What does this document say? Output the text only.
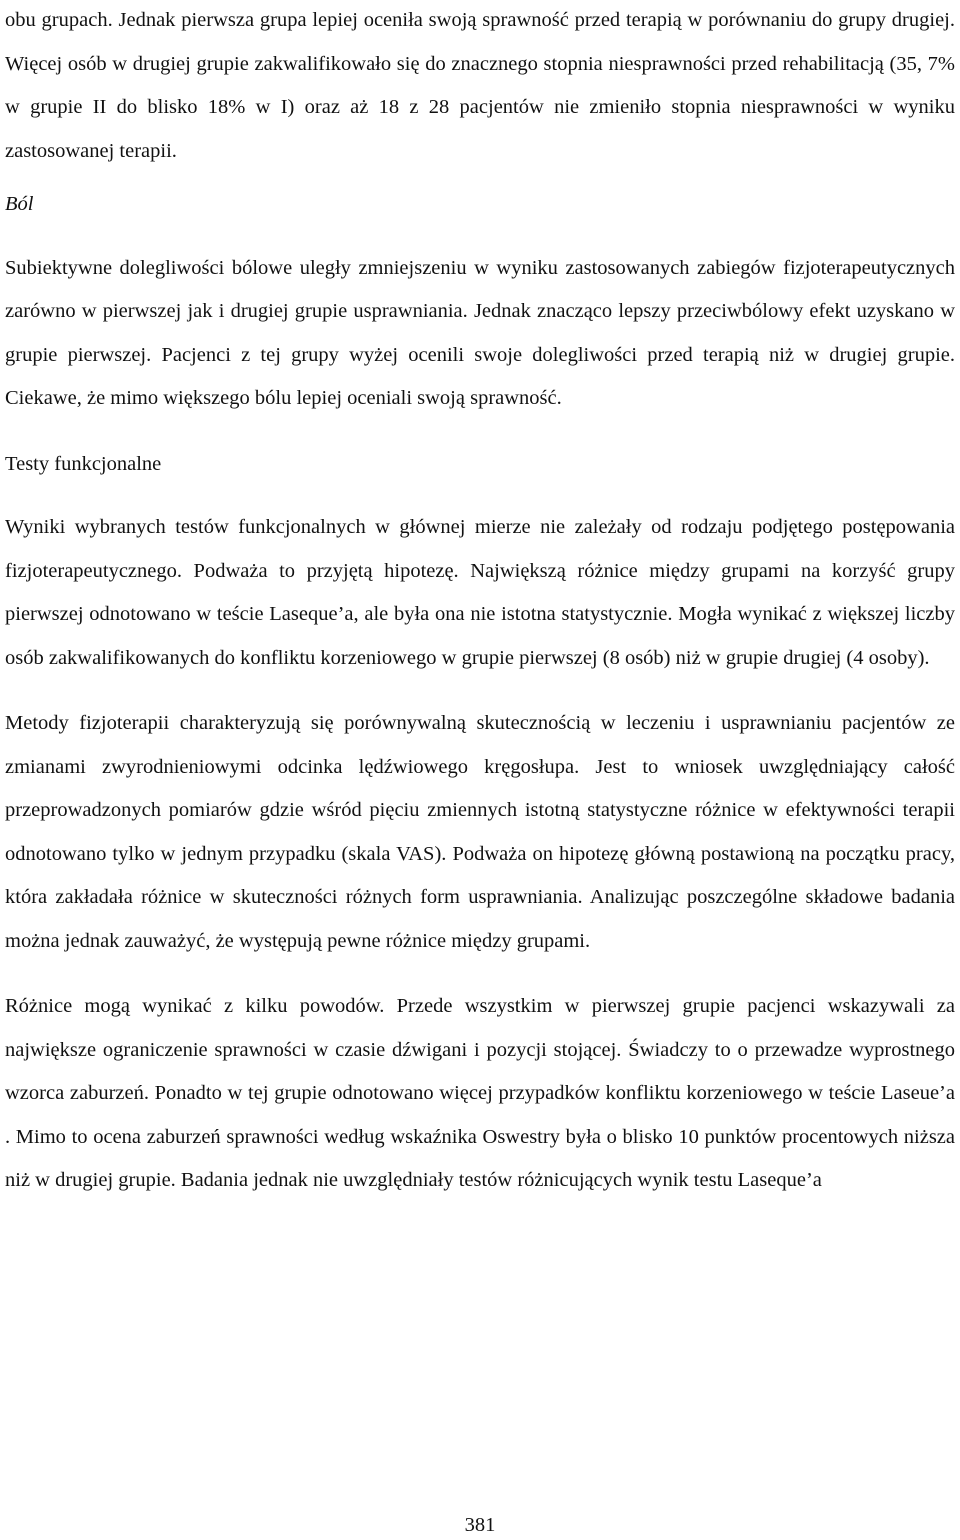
obu grupach. Jednak pierwsza grupa lepiej oceniła swoją sprawność przed terapią w porównaniu do grupy drugiej. Więcej osób w drugiej grupie zakwalifikowało się do znacznego stopnia niesprawności przed rehabilitacją (35, 7% w grupie II do blisko 18% w I) oraz aż 18 z 28 pacjentów nie zmieniło stopnia niesprawności w wyniku zastosowanej terapii.

Ból

Subiektywne dolegliwości bólowe uległy zmniejszeniu w wyniku zastosowanych zabiegów fizjoterapeutycznych zarówno w pierwszej jak i drugiej grupie usprawniania. Jednak znacząco lepszy przeciwbólowy efekt uzyskano w grupie pierwszej. Pacjenci z tej grupy wyżej ocenili swoje dolegliwości przed terapią niż w drugiej grupie. Ciekawe, że mimo większego bólu lepiej oceniali swoją sprawność.

Testy funkcjonalne

Wyniki wybranych testów funkcjonalnych w głównej mierze nie zależały od rodzaju podjętego postępowania fizjoterapeutycznego. Podważa to przyjętą hipotezę. Największą różnice między grupami na korzyść grupy pierwszej odnotowano w teście Laseque’a, ale była ona nie istotna statystycznie. Mogła wynikać z większej liczby osób zakwalifikowanych do konfliktu korzeniowego w grupie pierwszej (8 osób) niż w grupie drugiej (4 osoby).

Metody fizjoterapii charakteryzują się porównywalną skutecznością w leczeniu i usprawnianiu pacjentów ze zmianami zwyrodnieniowymi odcinka lędźwiowego kręgosłupa. Jest to wniosek uwzględniający całość przeprowadzonych pomiarów gdzie wśród pięciu zmiennych istotną statystyczne różnice w efektywności terapii odnotowano tylko w jednym przypadku (skala VAS). Podważa on hipotezę główną postawioną na początku pracy, która zakładała różnice w skuteczności różnych form usprawniania. Analizując poszczególne składowe badania można jednak zauważyć, że występują pewne różnice między grupami.

Różnice mogą wynikać z kilku powodów. Przede wszystkim w pierwszej grupie pacjenci wskazywali za największe ograniczenie sprawności w czasie dźwigani i pozycji stojącej. Świadczy to o przewadze wyprostnego wzorca zaburzeń. Ponadto w tej grupie odnotowano więcej przypadków konfliktu korzeniowego w teście Laseue’a . Mimo to ocena zaburzeń sprawności według wskaźnika Oswestry była o blisko 10 punktów procentowych niższa niż w drugiej grupie. Badania jednak nie uwzględniały testów różnicujących wynik testu Laseque’a

381
